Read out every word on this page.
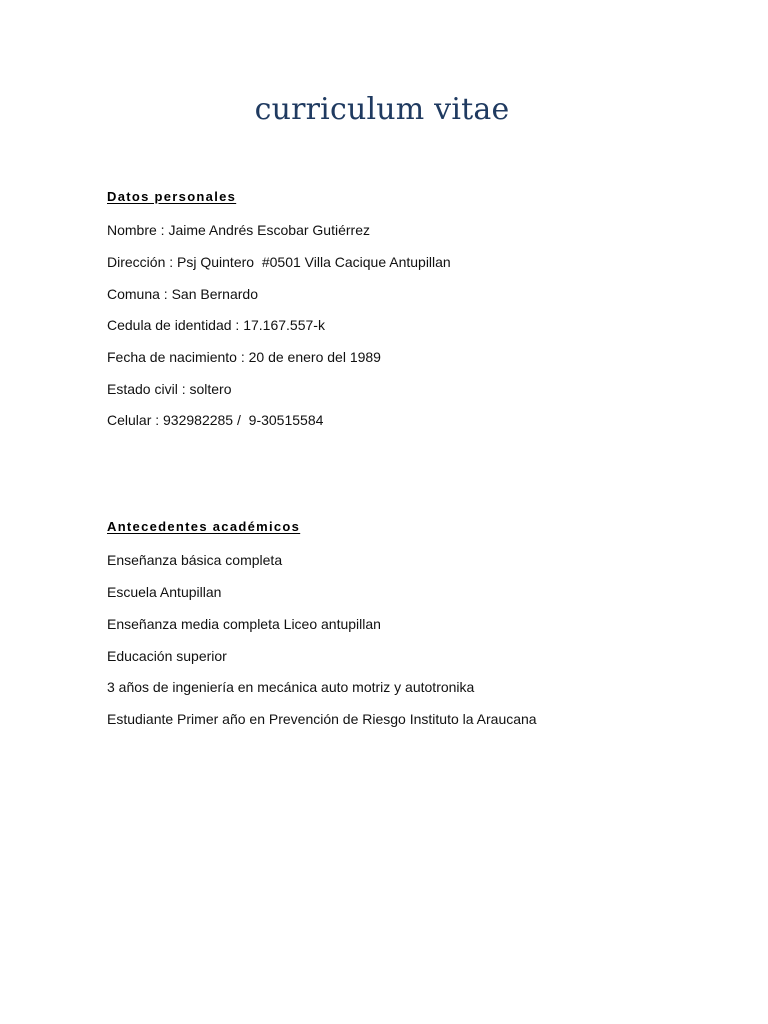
curriculum vitae
Datos personales

Nombre : Jaime Andrés Escobar Gutiérrez

Dirección : Psj Quintero  #0501 Villa Cacique Antupillan

Comuna : San Bernardo

Cedula de identidad : 17.167.557-k

Fecha de nacimiento : 20 de enero del 1989

Estado civil : soltero

Celular : 932982285 /  9-30515584

Antecedentes académicos

Enseñanza básica completa

Escuela Antupillan

Enseñanza media completa Liceo antupillan

Educación superior

3 años de ingeniería en mecánica auto motriz y autotronika

Estudiante Primer año en Prevención de Riesgo Instituto la Araucana
